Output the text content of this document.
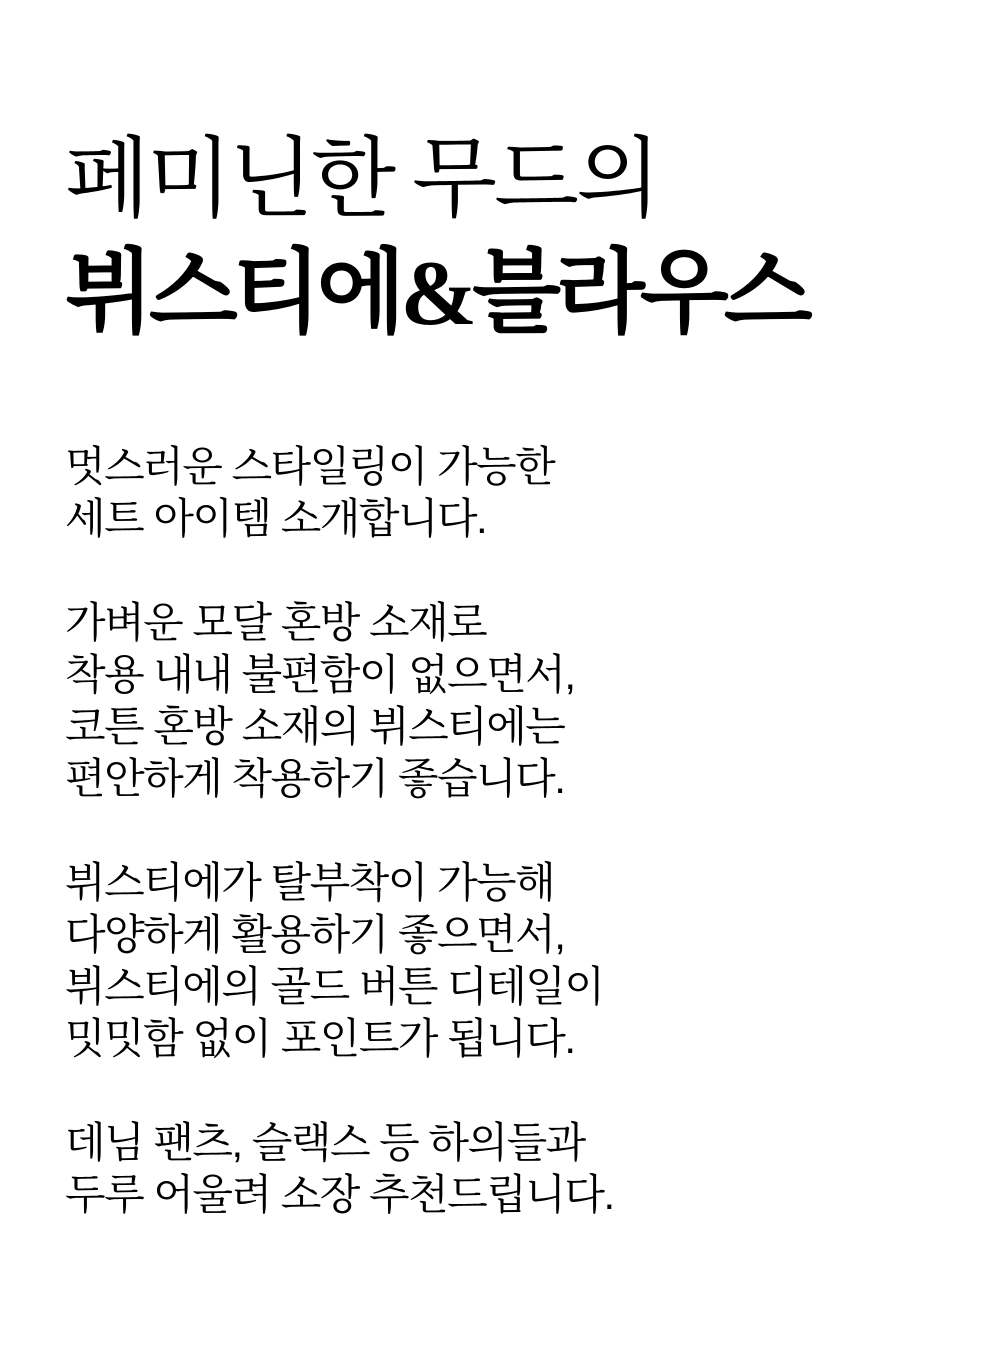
페미닌한 무드의
뷔스티에&블라우스

멋스러운 스타일링이 가능한
세트 아이템 소개합니다.

가벼운 모달 혼방 소재로
착용 내내 불편함이 없으면서,
코튼 혼방 소재의 뷔스티에는
편안하게 착용하기 좋습니다.

뷔스티에가 탈부착이 가능해
다양하게 활용하기 좋으면서,
뷔스티에의 골드 버튼 디테일이
밋밋함 없이 포인트가 됩니다.

데님 팬츠, 슬랙스 등 하의들과
두루 어울려 소장 추천드립니다.
